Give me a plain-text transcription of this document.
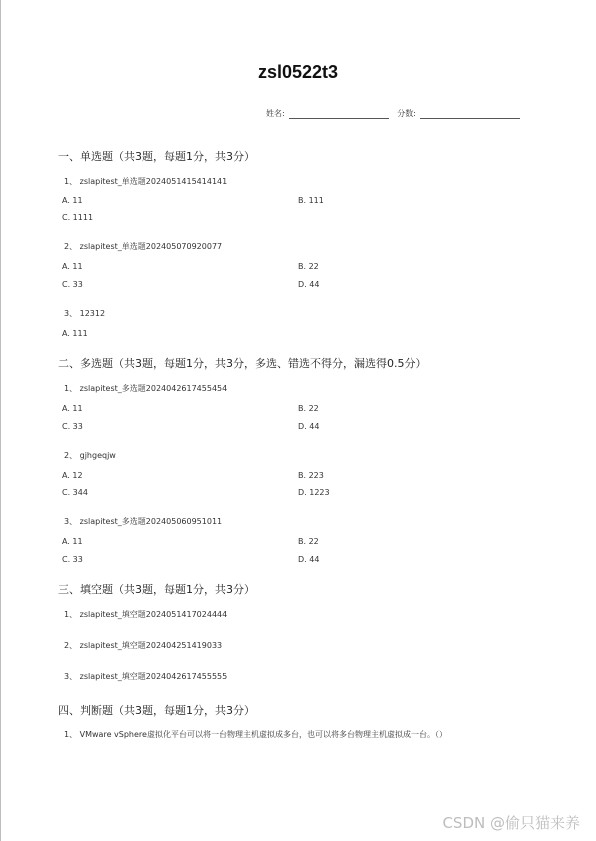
zsl0522t3
姓名:	分数:
一、单选题（共3题，每题1分，共3分）
1、 zslapitest_单选题2024051415414141
A. 11	B. 111
C. 1111
2、 zslapitest_单选题202405070920077
A. 11	B. 22
C. 33	D. 44
3、 12312
A. 111
二、多选题（共3题，每题1分，共3分，多选、错选不得分，漏选得0.5分）
1、 zslapitest_多选题2024042617455454
A. 11	B. 22
C. 33	D. 44
2、 gjhgeqjw
A. 12	B. 223
C. 344	D. 1223
3、 zslapitest_多选题202405060951011
A. 11	B. 22
C. 33	D. 44
三、填空题（共3题，每题1分，共3分）
1、 zslapitest_填空题2024051417024444
2、 zslapitest_填空题202404251419033
3、 zslapitest_填空题2024042617455555
四、判断题（共3题，每题1分，共3分）
1、 VMware vSphere虚拟化平台可以将一台物理主机虚拟成多台，也可以将多台物理主机虚拟成一台。（）
CSDN @偷只猫来养
